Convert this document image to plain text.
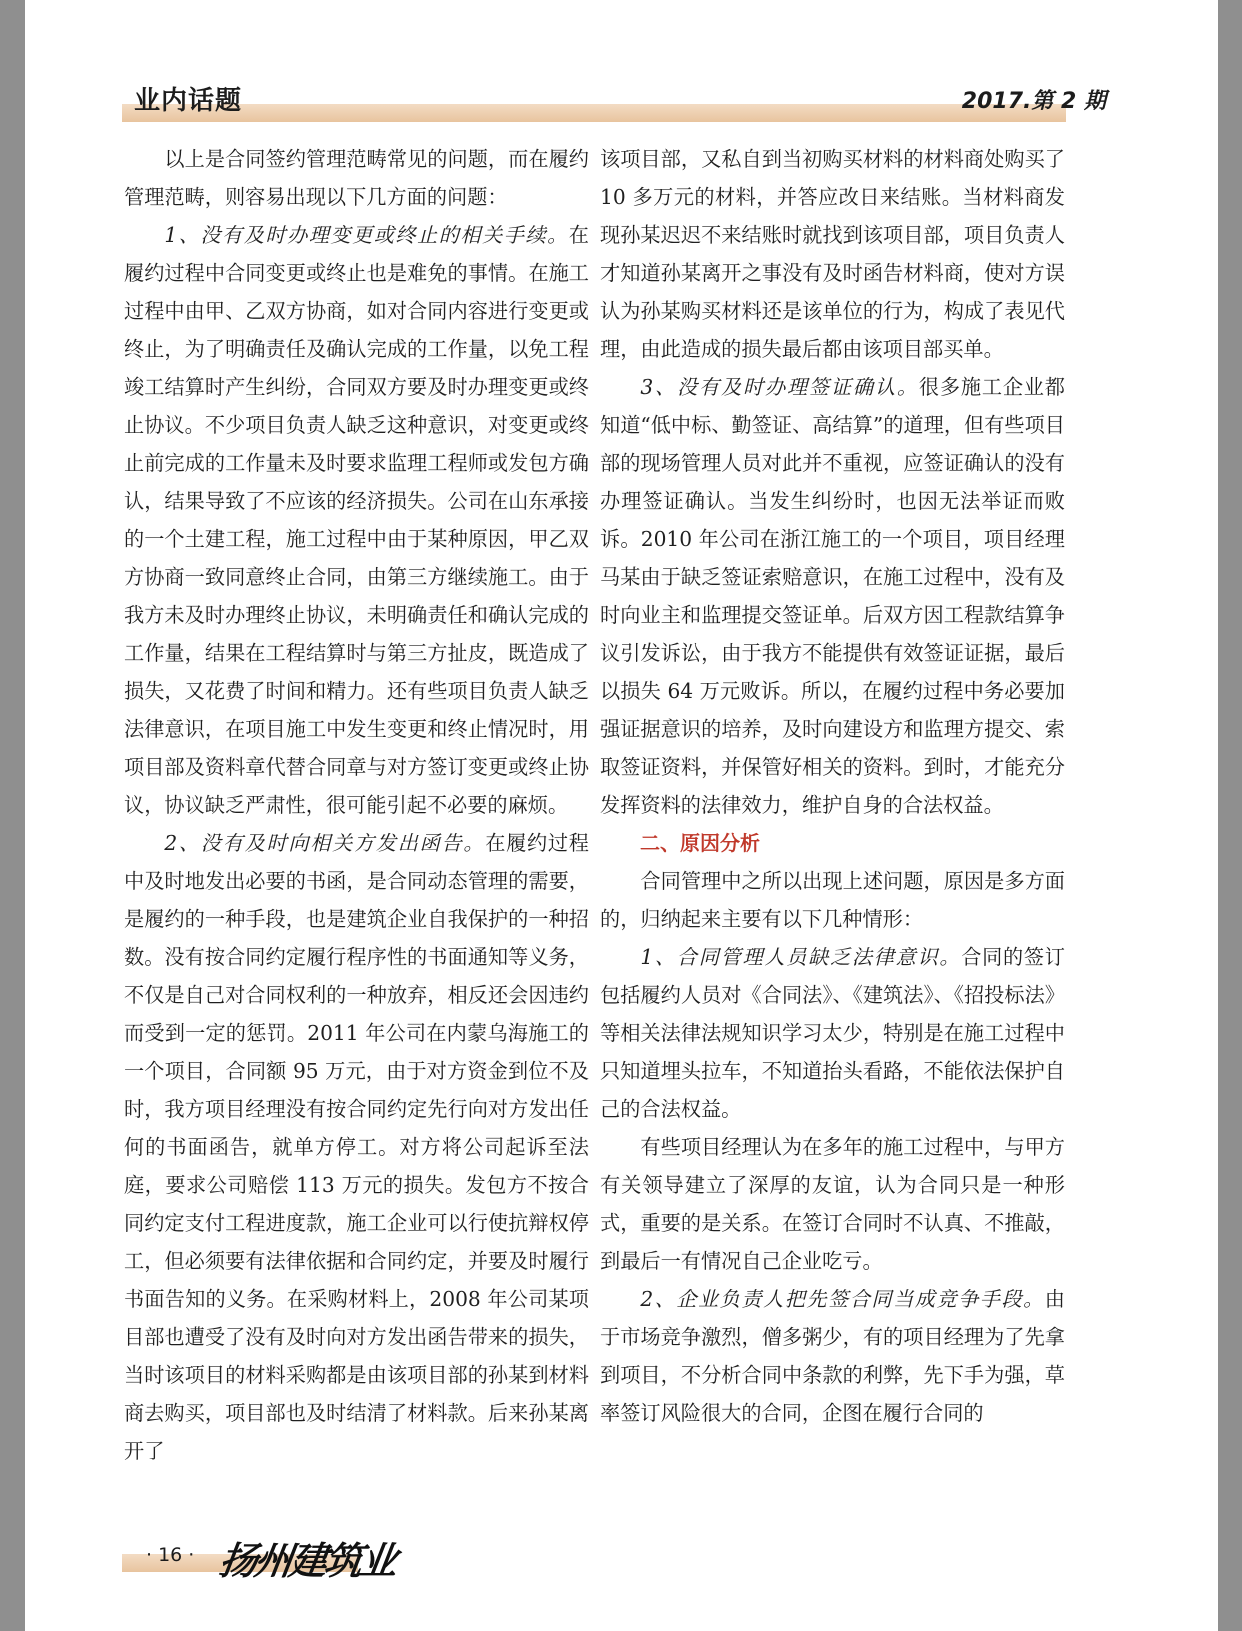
业内话题	2017.第 2 期

以上是合同签约管理范畴常见的问题，而在履约管理范畴，则容易出现以下几方面的问题：

1、没有及时办理变更或终止的相关手续。在履约过程中合同变更或终止也是难免的事情。在施工过程中由甲、乙双方协商，如对合同内容进行变更或终止，为了明确责任及确认完成的工作量，以免工程竣工结算时产生纠纷，合同双方要及时办理变更或终止协议。不少项目负责人缺乏这种意识，对变更或终止前完成的工作量未及时要求监理工程师或发包方确认，结果导致了不应该的经济损失。公司在山东承接的一个土建工程，施工过程中由于某种原因，甲乙双方协商一致同意终止合同，由第三方继续施工。由于我方未及时办理终止协议，未明确责任和确认完成的工作量，结果在工程结算时与第三方扯皮，既造成了损失，又花费了时间和精力。还有些项目负责人缺乏法律意识，在项目施工中发生变更和终止情况时，用项目部及资料章代替合同章与对方签订变更或终止协议，协议缺乏严肃性，很可能引起不必要的麻烦。

2、没有及时向相关方发出函告。在履约过程中及时地发出必要的书函，是合同动态管理的需要，是履约的一种手段，也是建筑企业自我保护的一种招数。没有按合同约定履行程序性的书面通知等义务，不仅是自己对合同权利的一种放弃，相反还会因违约而受到一定的惩罚。2011 年公司在内蒙乌海施工的一个项目，合同额 95 万元，由于对方资金到位不及时，我方项目经理没有按合同约定先行向对方发出任何的书面函告，就单方停工。对方将公司起诉至法庭，要求公司赔偿 113 万元的损失。发包方不按合同约定支付工程进度款，施工企业可以行使抗辩权停工，但必须要有法律依据和合同约定，并要及时履行书面告知的义务。在采购材料上，2008 年公司某项目部也遭受了没有及时向对方发出函告带来的损失，当时该项目的材料采购都是由该项目部的孙某到材料商去购买，项目部也及时结清了材料款。后来孙某离开了

该项目部，又私自到当初购买材料的材料商处购买了 10 多万元的材料，并答应改日来结账。当材料商发现孙某迟迟不来结账时就找到该项目部，项目负责人才知道孙某离开之事没有及时函告材料商，使对方误认为孙某购买材料还是该单位的行为，构成了表见代理，由此造成的损失最后都由该项目部买单。

3、没有及时办理签证确认。很多施工企业都知道“低中标、勤签证、高结算”的道理，但有些项目部的现场管理人员对此并不重视，应签证确认的没有办理签证确认。当发生纠纷时，也因无法举证而败诉。2010 年公司在浙江施工的一个项目，项目经理马某由于缺乏签证索赔意识，在施工过程中，没有及时向业主和监理提交签证单。后双方因工程款结算争议引发诉讼，由于我方不能提供有效签证证据，最后以损失 64 万元败诉。所以，在履约过程中务必要加强证据意识的培养，及时向建设方和监理方提交、索取签证资料，并保管好相关的资料。到时，才能充分发挥资料的法律效力，维护自身的合法权益。

二、原因分析

合同管理中之所以出现上述问题，原因是多方面的，归纳起来主要有以下几种情形：

1、合同管理人员缺乏法律意识。合同的签订包括履约人员对《合同法》、《建筑法》、《招投标法》等相关法律法规知识学习太少，特别是在施工过程中只知道埋头拉车，不知道抬头看路，不能依法保护自己的合法权益。

有些项目经理认为在多年的施工过程中，与甲方有关领导建立了深厚的友谊，认为合同只是一种形式，重要的是关系。在签订合同时不认真、不推敲，到最后一有情况自己企业吃亏。

2、企业负责人把先签合同当成竞争手段。由于市场竞争激烈，僧多粥少，有的项目经理为了先拿到项目，不分析合同中条款的利弊，先下手为强，草率签订风险很大的合同，企图在履行合同的

· 16 · 扬州建筑业
